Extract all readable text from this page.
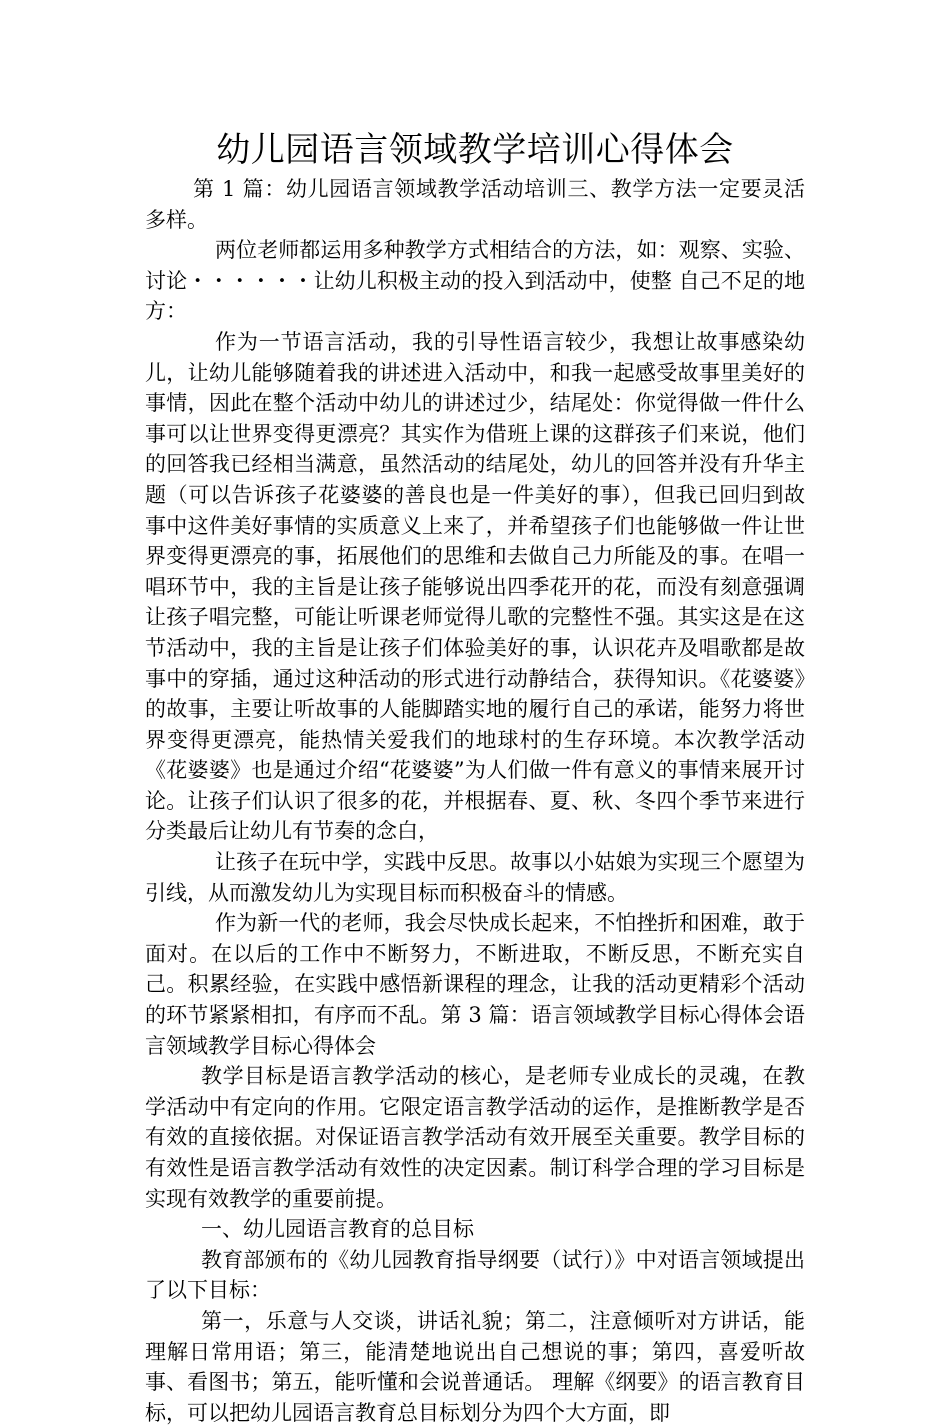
幼儿园语言领域教学培训心得体会

第 1 篇：幼儿园语言领域教学活动培训三、教学方法一定要灵活多样。

两位老师都运用多种教学方式相结合的方法，如：观察、实验、讨论・・・・・・让幼儿积极主动的投入到活动中，使整 自己不足的地方：

作为一节语言活动，我的引导性语言较少，我想让故事感染幼儿，让幼儿能够随着我的讲述进入活动中，和我一起感受故事里美好的事情，因此在整个活动中幼儿的讲述过少，结尾处：你觉得做一件什么事可以让世界变得更漂亮？其实作为借班上课的这群孩子们来说，他们的回答我已经相当满意，虽然活动的结尾处，幼儿的回答并没有升华主题（可以告诉孩子花婆婆的善良也是一件美好的事），但我已回归到故事中这件美好事情的实质意义上来了，并希望孩子们也能够做一件让世界变得更漂亮的事，拓展他们的思维和去做自己力所能及的事。在唱一唱环节中，我的主旨是让孩子能够说出四季花开的花，而没有刻意强调让孩子唱完整，可能让听课老师觉得儿歌的完整性不强。其实这是在这节活动中，我的主旨是让孩子们体验美好的事，认识花卉及唱歌都是故事中的穿插，通过这种活动的形式进行动静结合，获得知识。《花婆婆》的故事，主要让听故事的人能脚踏实地的履行自己的承诺，能努力将世界变得更漂亮，能热情关爱我们的地球村的生存环境。本次教学活动《花婆婆》也是通过介绍“花婆婆”为人们做一件有意义的事情来展开讨论。让孩子们认识了很多的花，并根据春、夏、秋、冬四个季节来进行分类最后让幼儿有节奏的念白，

让孩子在玩中学，实践中反思。故事以小姑娘为实现三个愿望为引线，从而激发幼儿为实现目标而积极奋斗的情感。

作为新一代的老师，我会尽快成长起来，不怕挫折和困难，敢于面对。在以后的工作中不断努力，不断进取，不断反思，不断充实自己。积累经验，在实践中感悟新课程的理念，让我的活动更精彩个活动的环节紧紧相扣，有序而不乱。第 3 篇：语言领域教学目标心得体会语言领域教学目标心得体会

教学目标是语言教学活动的核心，是老师专业成长的灵魂，在教学活动中有定向的作用。它限定语言教学活动的运作，是推断教学是否有效的直接依据。对保证语言教学活动有效开展至关重要。教学目标的有效性是语言教学活动有效性的决定因素。制订科学合理的学习目标是实现有效教学的重要前提。

一、幼儿园语言教育的总目标

教育部颁布的《幼儿园教育指导纲要（试行）》中对语言领域提出了以下目标：

第一，乐意与人交谈，讲话礼貌；第二，注意倾听对方讲话，能理解日常用语；第三，能清楚地说出自己想说的事；第四，喜爱听故事、看图书；第五，能听懂和会说普通话。 理解《纲要》的语言教育目标，可以把幼儿园语言教育总目标划分为四个大方面，即
